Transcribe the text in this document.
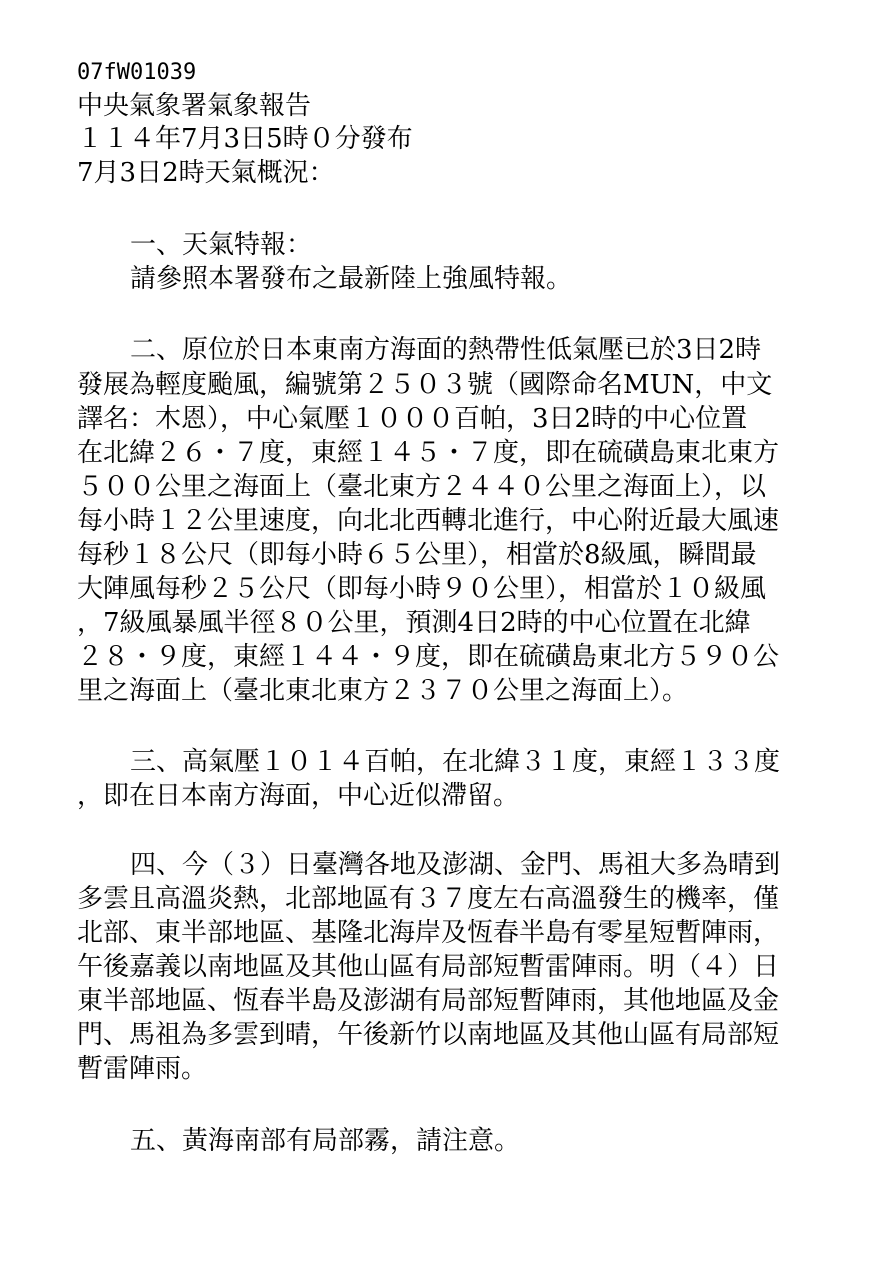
07fW01039
中央氣象署氣象報告
１１４年7月3日5時０分發布
7月3日2時天氣概況：
一、天氣特報：
請參照本署發布之最新陸上強風特報。
二、原位於日本東南方海面的熱帶性低氣壓已於3日2時
發展為輕度颱風，編號第２５０３號（國際命名MUN，中文
譯名：木恩），中心氣壓１０００百帕，3日2時的中心位置
在北緯２６・７度，東經１４５・７度，即在硫磺島東北東方
５００公里之海面上（臺北東方２４４０公里之海面上），以
每小時１２公里速度，向北北西轉北進行，中心附近最大風速
每秒１８公尺（即每小時６５公里），相當於8級風，瞬間最
大陣風每秒２５公尺（即每小時９０公里），相當於１０級風
，7級風暴風半徑８０公里，預測4日2時的中心位置在北緯
２８・９度，東經１４４・９度，即在硫磺島東北方５９０公
里之海面上（臺北東北東方２３７０公里之海面上）。
三、高氣壓１０１４百帕，在北緯３１度，東經１３３度
，即在日本南方海面，中心近似滯留。
四、今（３）日臺灣各地及澎湖、金門、馬祖大多為晴到
多雲且高溫炎熱，北部地區有３７度左右高溫發生的機率，僅
北部、東半部地區、基隆北海岸及恆春半島有零星短暫陣雨，
午後嘉義以南地區及其他山區有局部短暫雷陣雨。明（４）日
東半部地區、恆春半島及澎湖有局部短暫陣雨，其他地區及金
門、馬祖為多雲到晴，午後新竹以南地區及其他山區有局部短
暫雷陣雨。
五、黃海南部有局部霧，請注意。
